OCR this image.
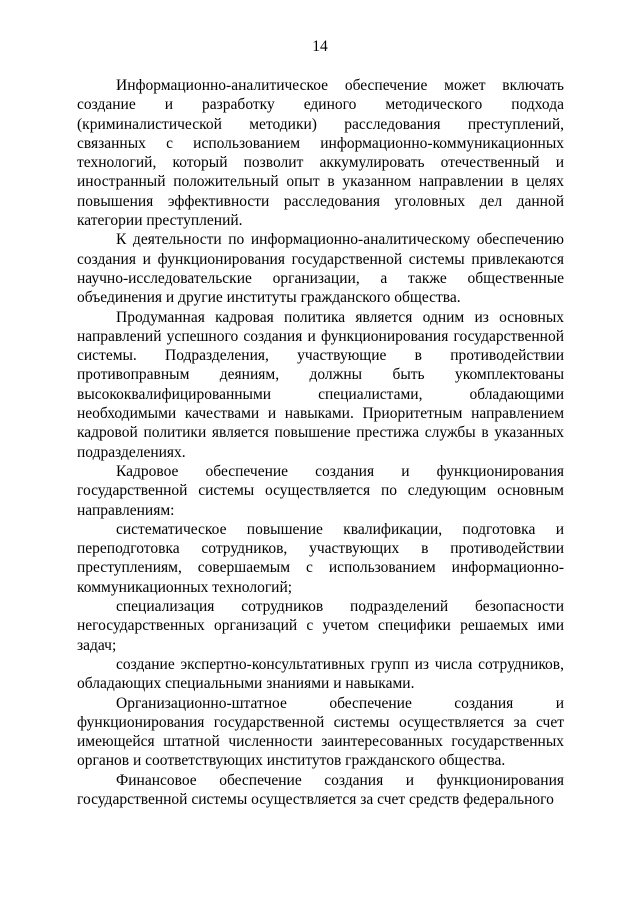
14

Информационно-аналитическое обеспечение может включать создание и разработку единого методического подхода (криминалистической методики) расследования преступлений, связанных с использованием информационно-коммуникационных технологий, который позволит аккумулировать отечественный и иностранный положительный опыт в указанном направлении в целях повышения эффективности расследования уголовных дел данной категории преступлений.

К деятельности по информационно-аналитическому обеспечению создания и функционирования государственной системы привлекаются научно-исследовательские организации, а также общественные объединения и другие институты гражданского общества.

Продуманная кадровая политика является одним из основных направлений успешного создания и функционирования государственной системы. Подразделения, участвующие в противодействии противоправным деяниям, должны быть укомплектованы высококвалифицированными специалистами, обладающими необходимыми качествами и навыками. Приоритетным направлением кадровой политики является повышение престижа службы в указанных подразделениях.

Кадровое обеспечение создания и функционирования государственной системы осуществляется по следующим основным направлениям:

систематическое повышение квалификации, подготовка и переподготовка сотрудников, участвующих в противодействии преступлениям, совершаемым с использованием информационно-коммуникационных технологий;

специализация сотрудников подразделений безопасности негосударственных организаций с учетом специфики решаемых ими задач;

создание экспертно-консультативных групп из числа сотрудников, обладающих специальными знаниями и навыками.

Организационно-штатное обеспечение создания и функционирования государственной системы осуществляется за счет имеющейся штатной численности заинтересованных государственных органов и соответствующих институтов гражданского общества.

Финансовое обеспечение создания и функционирования государственной системы осуществляется за счет средств федерального
